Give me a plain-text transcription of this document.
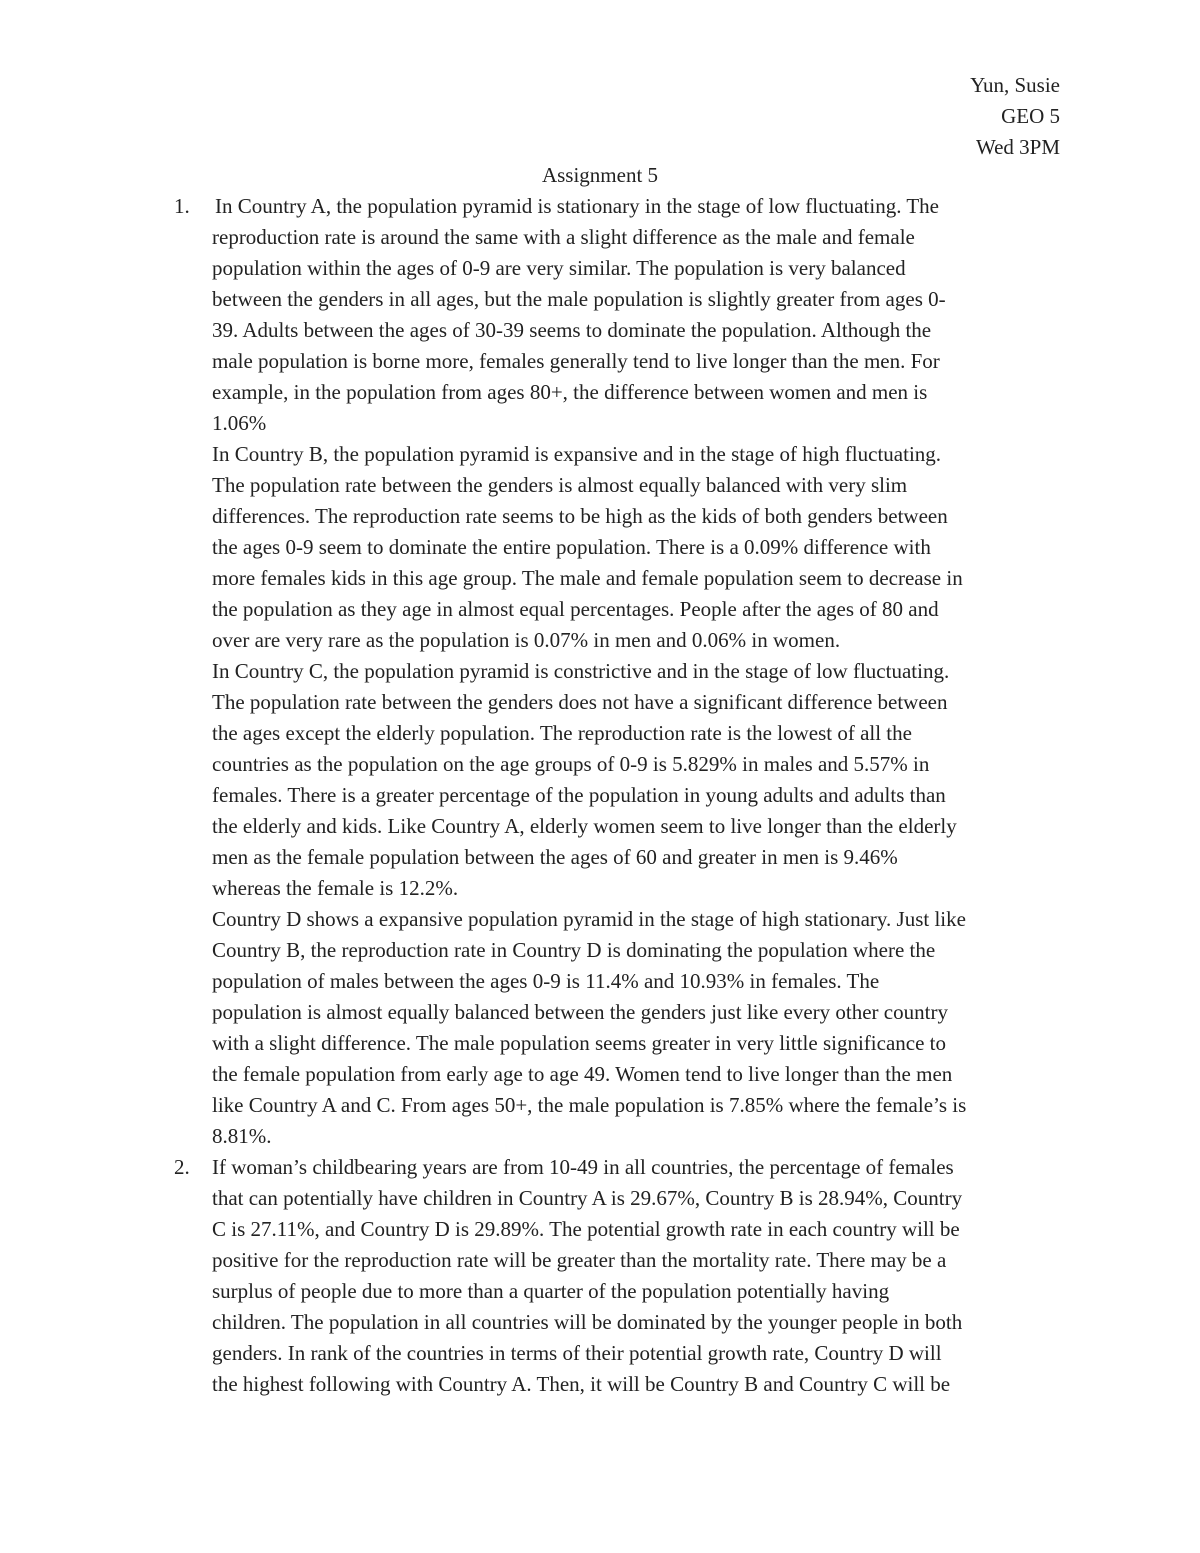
Yun, Susie
GEO 5
Wed 3PM
Assignment 5
1. In Country A, the population pyramid is stationary in the stage of low fluctuating. The
reproduction rate is around the same with a slight difference as the male and female
population within the ages of 0-9 are very similar. The population is very balanced
between the genders in all ages, but the male population is slightly greater from ages 0-
39. Adults between the ages of 30-39 seems to dominate the population. Although the
male population is borne more, females generally tend to live longer than the men. For
example, in the population from ages 80+, the difference between women and men is
1.06%
In Country B, the population pyramid is expansive and in the stage of high fluctuating.
The population rate between the genders is almost equally balanced with very slim
differences. The reproduction rate seems to be high as the kids of both genders between
the ages 0-9 seem to dominate the entire population. There is a 0.09% difference with
more females kids in this age group. The male and female population seem to decrease in
the population as they age in almost equal percentages. People after the ages of 80 and
over are very rare as the population is 0.07% in men and 0.06% in women.
In Country C, the population pyramid is constrictive and in the stage of low fluctuating.
The population rate between the genders does not have a significant difference between
the ages except the elderly population. The reproduction rate is the lowest of all the
countries as the population on the age groups of 0-9 is 5.829% in males and 5.57% in
females. There is a greater percentage of the population in young adults and adults than
the elderly and kids. Like Country A, elderly women seem to live longer than the elderly
men as the female population between the ages of 60 and greater in men is 9.46%
whereas the female is 12.2%.
Country D shows a expansive population pyramid in the stage of high stationary. Just like
Country B, the reproduction rate in Country D is dominating the population where the
population of males between the ages 0-9 is 11.4% and 10.93% in females. The
population is almost equally balanced between the genders just like every other country
with a slight difference. The male population seems greater in very little significance to
the female population from early age to age 49. Women tend to live longer than the men
like Country A and C. From ages 50+, the male population is 7.85% where the female’s is
8.81%.
2. If woman’s childbearing years are from 10-49 in all countries, the percentage of females
that can potentially have children in Country A is 29.67%, Country B is 28.94%, Country
C is 27.11%, and Country D is 29.89%. The potential growth rate in each country will be
positive for the reproduction rate will be greater than the mortality rate. There may be a
surplus of people due to more than a quarter of the population potentially having
children. The population in all countries will be dominated by the younger people in both
genders. In rank of the countries in terms of their potential growth rate, Country D will
the highest following with Country A. Then, it will be Country B and Country C will be
